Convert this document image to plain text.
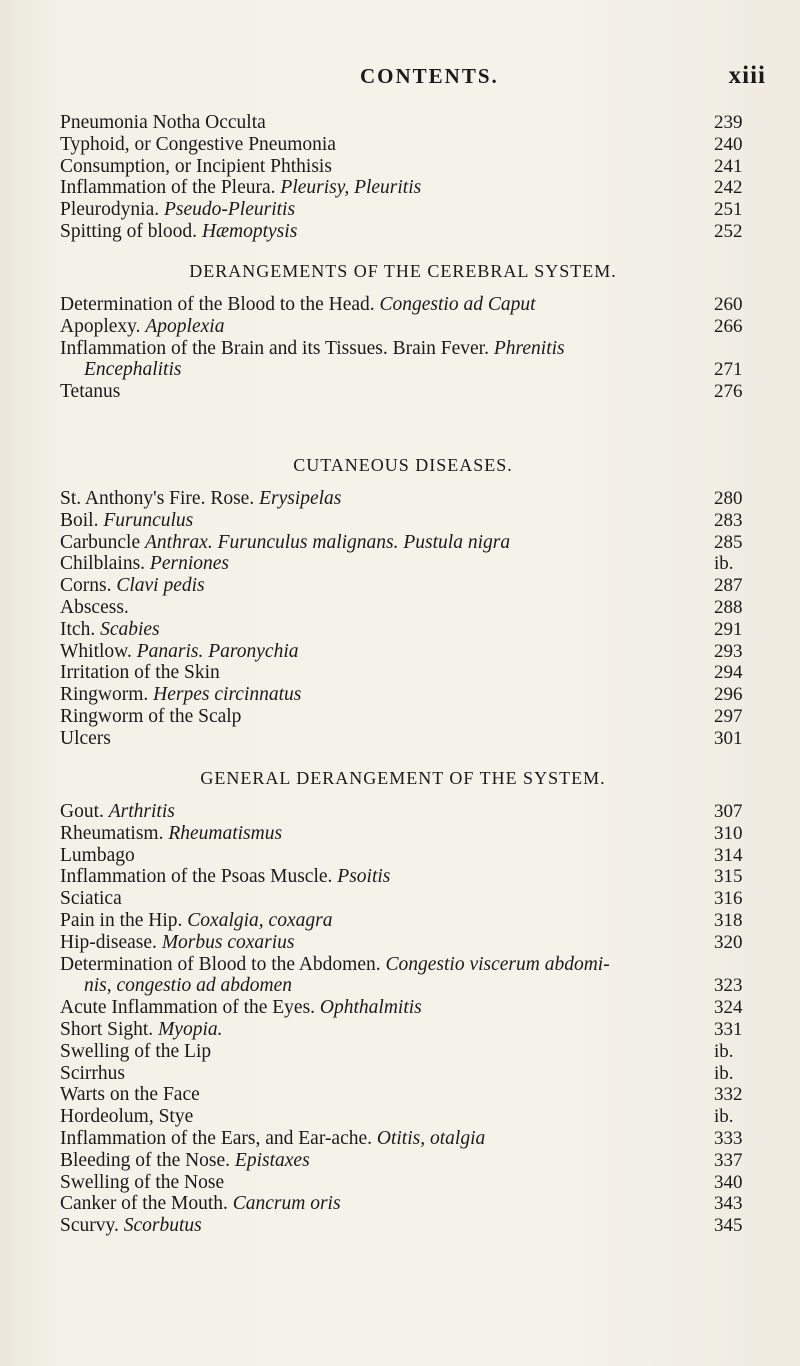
CONTENTS.	xiii
Pneumonia Notha Occulta	239
Typhoid, or Congestive Pneumonia	240
Consumption, or Incipient Phthisis	241
Inflammation of the Pleura. Pleurisy, Pleuritis	242
Pleurodynia. Pseudo-Pleuritis	251
Spitting of blood. Hæmoptysis	252
DERANGEMENTS OF THE CEREBRAL SYSTEM.
Determination of the Blood to the Head. Congestio ad Caput	260
Apoplexy. Apoplexia	266
Inflammation of the Brain and its Tissues. Brain Fever. Phrenitis
Encephalitis	271
Tetanus	276
CUTANEOUS DISEASES.
St. Anthony's Fire. Rose. Erysipelas	280
Boil. Furunculus	283
Carbuncle Anthrax. Furunculus malignans. Pustula nigra	285
Chilblains. Perniones	ib.
Corns. Clavi pedis	287
Abscess.	288
Itch. Scabies	291
Whitlow. Panaris. Paronychia	293
Irritation of the Skin	294
Ringworm. Herpes circinnatus	296
Ringworm of the Scalp	297
Ulcers	301
GENERAL DERANGEMENT OF THE SYSTEM.
Gout. Arthritis	307
Rheumatism. Rheumatismus	310
Lumbago	314
Inflammation of the Psoas Muscle. Psoitis	315
Sciatica	316
Pain in the Hip. Coxalgia, coxagra	318
Hip-disease. Morbus coxarius	320
Determination of Blood to the Abdomen. Congestio viscerum abdomi-
nis, congestio ad abdomen	323
Acute Inflammation of the Eyes. Ophthalmitis	324
Short Sight. Myopia.	331
Swelling of the Lip	ib.
Scirrhus	ib.
Warts on the Face	332
Hordeolum, Stye	ib.
Inflammation of the Ears, and Ear-ache. Otitis, otalgia	333
Bleeding of the Nose. Epistaxes	337
Swelling of the Nose	340
Canker of the Mouth. Cancrum oris	343
Scurvy. Scorbutus	345
